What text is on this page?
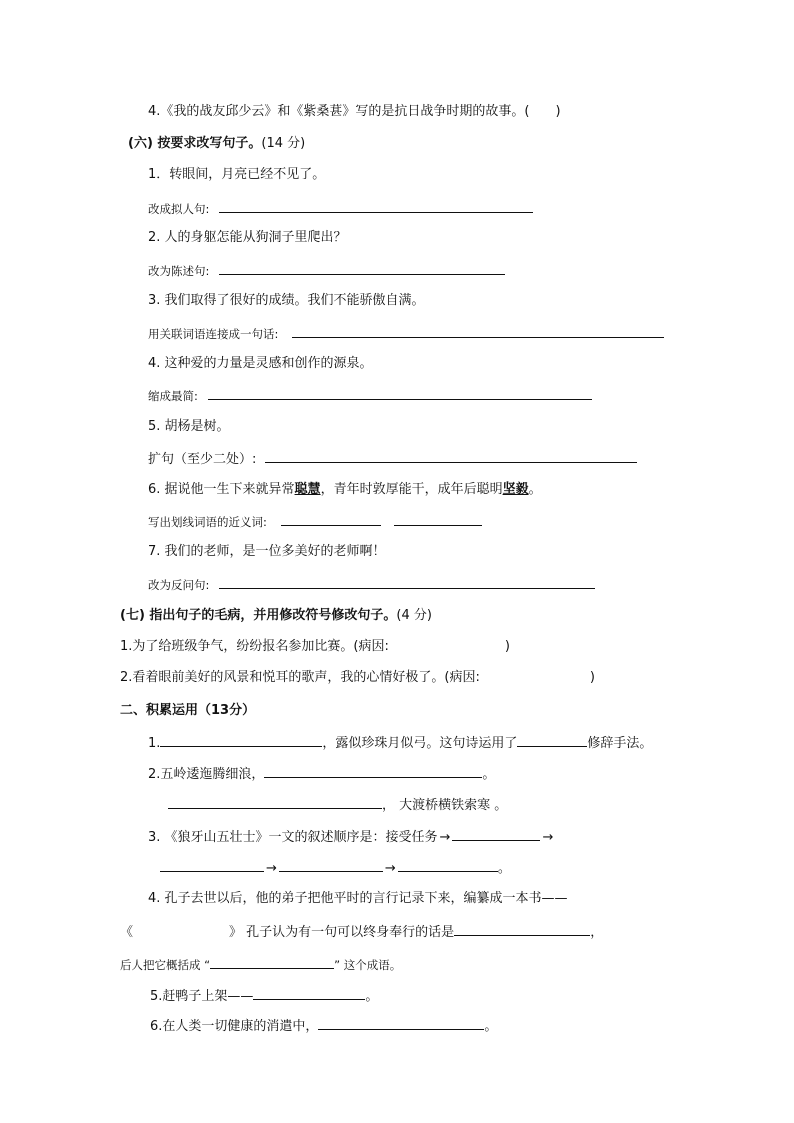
4.《我的战友邱少云》和《紫桑葚》写的是抗日战争时期的故事。( )
(六) 按要求改写句子。(14 分)
1．转眼间，月亮已经不见了。
改成拟人句:
2. 人的身躯怎能从狗洞子里爬出？
改为陈述句:
3. 我们取得了很好的成绩。我们不能骄傲自满。
用关联词语连接成一句话:
4. 这种爱的力量是灵感和创作的源泉。
缩成最简:
5. 胡杨是树。
扩句（至少二处）:
6. 据说他一生下来就异常聪慧，青年时敦厚能干，成年后聪明坚毅。
写出划线词语的近义词:
7. 我们的老师，是一位多美好的老师啊！
改为反问句:
(七) 指出句子的毛病，并用修改符号修改句子。(4 分)
1.为了给班级争气，纷纷报名参加比赛。(病因:	)
2.看着眼前美好的风景和悦耳的歌声，我的心情好极了。(病因:	)
二、积累运用（13分）
1.	，露似珍珠月似弓。这句诗运用了	修辞手法。
2.五岭逶迤腾细浪，	。
， 大渡桥横铁索寒 。
3. 《狼牙山五壮士》一文的叙述顺序是：接受任务 →	→
→	→	。
4. 孔子去世以后，他的弟子把他平时的言行记录下来，编纂成一本书——
《	》 孔子认为有一句可以终身奉行的话是	，
后人把它概括成 “	” 这个成语。
5.赶鸭子上架——	。
6.在人类一切健康的消遣中，	。
